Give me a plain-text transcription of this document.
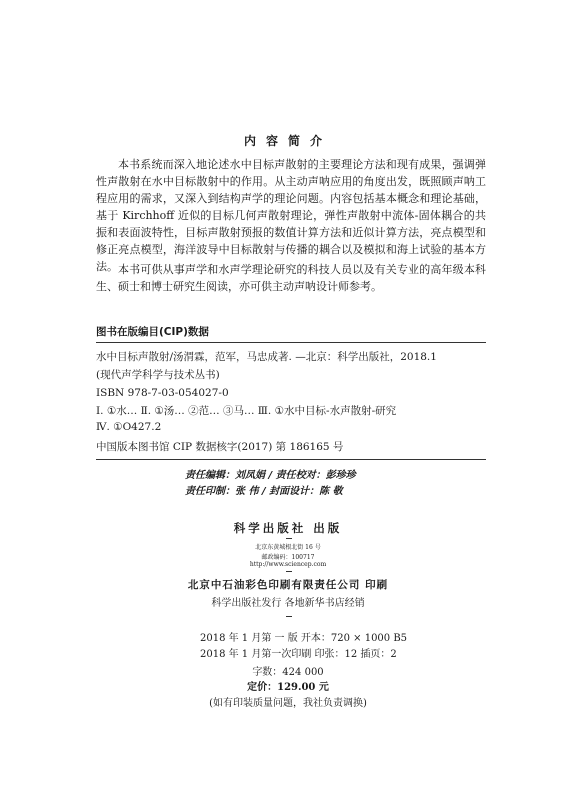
内容简介

本书系统而深入地论述水中目标声散射的主要理论方法和现有成果，强调弹性声散射在水中目标散射中的作用。从主动声呐应用的角度出发，既照顾声呐工程应用的需求，又深入到结构声学的理论问题。内容包括基本概念和理论基础，基于 Kirchhoff 近似的目标几何声散射理论，弹性声散射中流体-固体耦合的共振和表面波特性，目标声散射预报的数值计算方法和近似计算方法，亮点模型和修正亮点模型，海洋波导中目标散射与传播的耦合以及模拟和海上试验的基本方法。 本书可供从事声学和水声学理论研究的科技人员以及有关专业的高年级本科生、硕士和博士研究生阅读，亦可供主动声呐设计师参考。

图书在版编目(CIP)数据
水中目标声散射/汤渭霖，范军，马忠成著. —北京：科学出版社，2018.1
(现代声学科学与技术丛书)
ISBN 978-7-03-054027-0
Ⅰ. ①水… Ⅱ. ①汤… ②范… ③马… Ⅲ. ①水中目标-水声散射-研究
Ⅳ. ①O427.2
中国版本图书馆 CIP 数据核字(2017) 第 186165 号
责任编辑：刘凤娟 / 责任校对：彭珍珍
责任印制：张 伟 / 封面设计：陈 敬
科学出版社 出版
北京东黄城根北街 16 号
邮政编码：100717
http://www.sciencep.com
北京中石油彩色印刷有限责任公司 印刷
科学出版社发行 各地新华书店经销
2018 年 1 月第 一 版 开本：720 × 1000 B5
2018 年 1 月第一次印刷 印张：12 插页：2
字数：424 000
定价：129.00 元
(如有印装质量问题，我社负责调换)
